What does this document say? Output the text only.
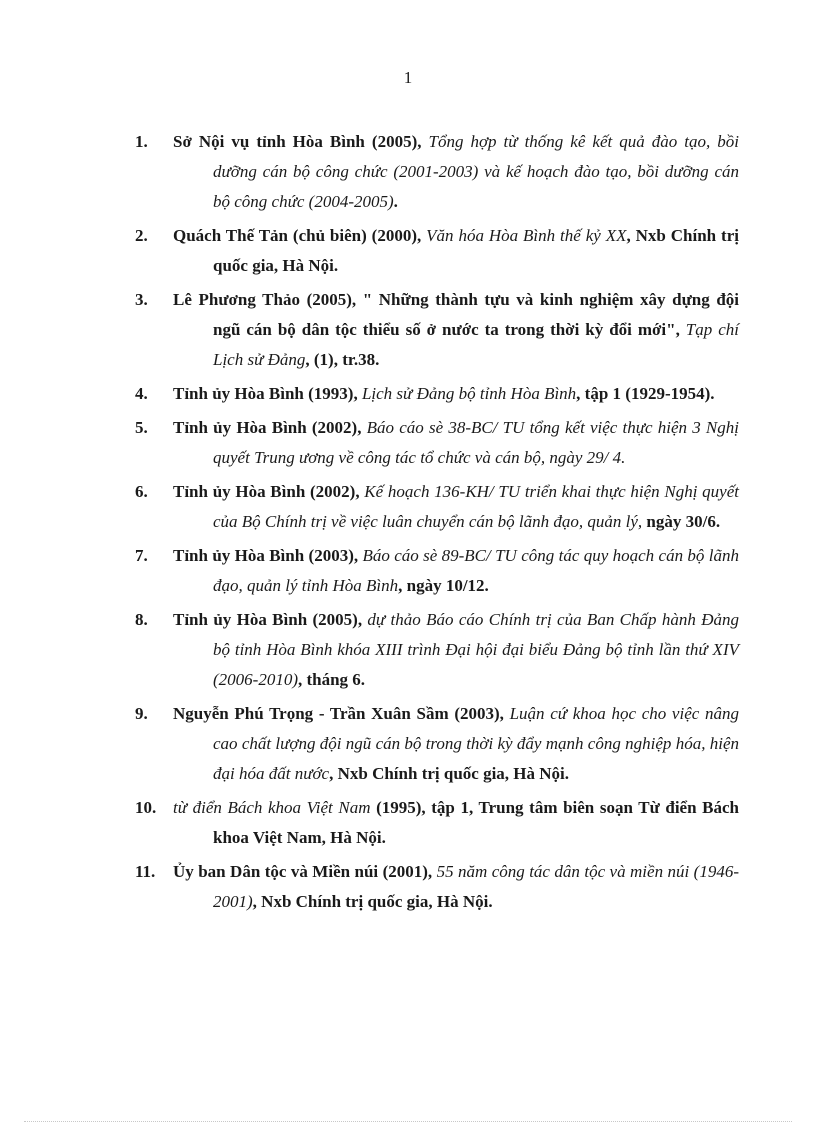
1
1. Sở Nội vụ tỉnh Hòa Bình (2005), Tổng hợp từ thống kê kết quả đào tạo, bồi dưỡng cán bộ công chức (2001-2003) và kế hoạch đào tạo, bồi dưỡng cán bộ công chức (2004-2005).
2. Quách Thế Tản (chủ biên) (2000), Văn hóa Hòa Bình thế kỷ XX, Nxb Chính trị quốc gia, Hà Nội.
3. Lê Phương Thảo (2005), " Những thành tựu và kinh nghiệm xây dựng đội ngũ cán bộ dân tộc thiểu số ở nước ta trong thời kỳ đổi mới", Tạp chí Lịch sử Đảng, (1), tr.38.
4. Tỉnh ủy Hòa Bình (1993), Lịch sử Đảng bộ tỉnh Hòa Bình, tập 1 (1929-1954).
5. Tỉnh ủy Hòa Bình (2002), Báo cáo sè 38-BC/ TU tổng kết việc thực hiện 3 Nghị quyết Trung ương về công tác tổ chức và cán bộ, ngày 29/ 4.
6. Tỉnh ủy Hòa Bình (2002), Kế hoạch 136-KH/ TU triển khai thực hiện Nghị quyết của Bộ Chính trị về việc luân chuyển cán bộ lãnh đạo, quản lý, ngày 30/6.
7. Tỉnh ủy Hòa Bình (2003), Báo cáo sè 89-BC/ TU công tác quy hoạch cán bộ lãnh đạo, quản lý tỉnh Hòa Bình, ngày 10/12.
8. Tỉnh ủy Hòa Bình (2005), dự thảo Báo cáo Chính trị của Ban Chấp hành Đảng bộ tỉnh Hòa Bình khóa XIII trình Đại hội đại biểu Đảng bộ tỉnh lần thứ XIV (2006-2010), tháng 6.
9. Nguyễn Phú Trọng - Trần Xuân Sầm (2003), Luận cứ khoa học cho việc nâng cao chất lượng đội ngũ cán bộ trong thời kỳ đẩy mạnh công nghiệp hóa, hiện đại hóa đất nước, Nxb Chính trị quốc gia, Hà Nội.
10. từ điển Bách khoa Việt Nam (1995), tập 1, Trung tâm biên soạn Từ điển Bách khoa Việt Nam, Hà Nội.
11. Ủy ban Dân tộc và Miền núi (2001), 55 năm công tác dân tộc và miền núi (1946-2001), Nxb Chính trị quốc gia, Hà Nội.
